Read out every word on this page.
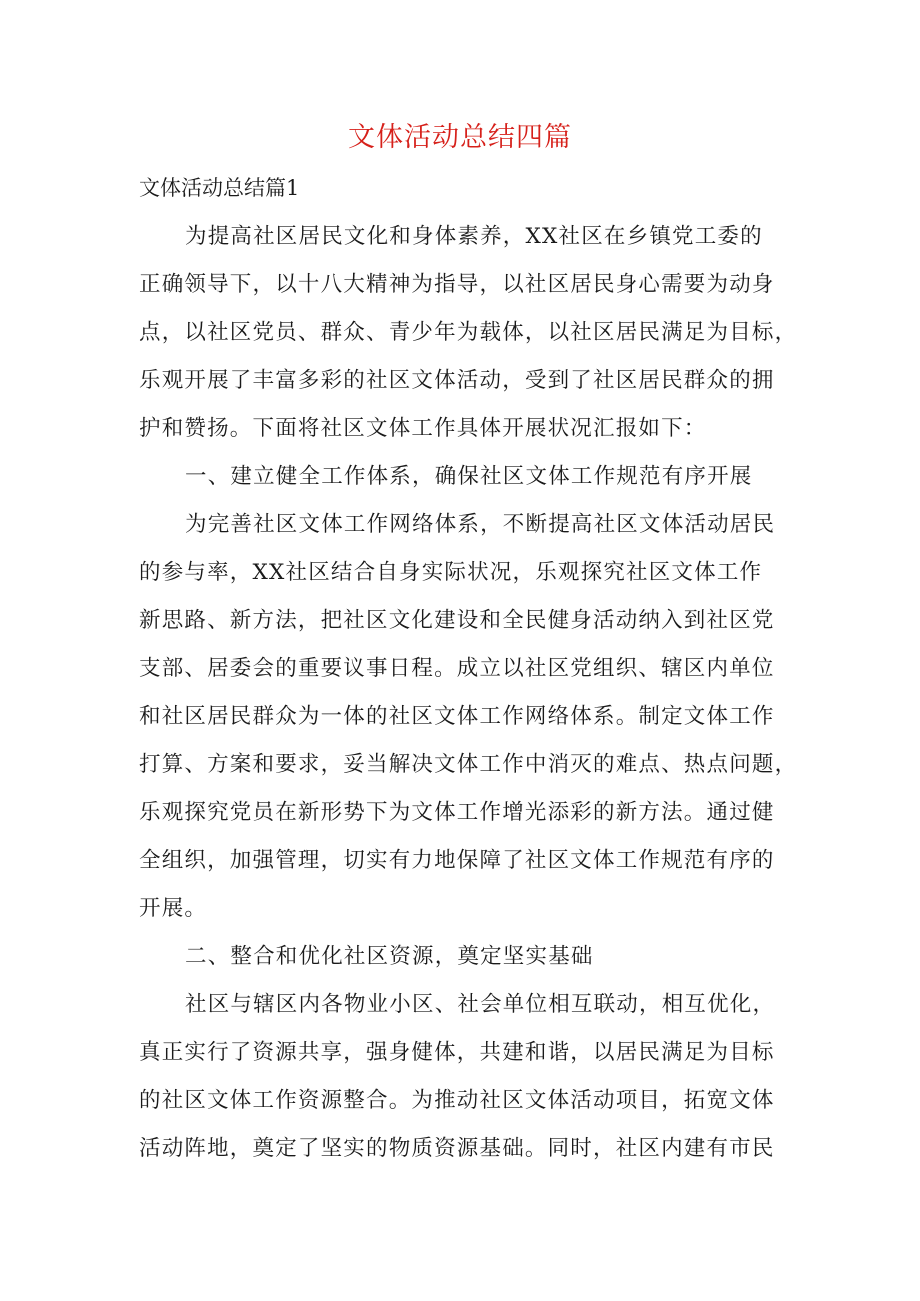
文体活动总结四篇

文体活动总结篇1

为提高社区居民文化和身体素养，XX社区在乡镇党工委的

正确领导下，以十八大精神为指导，以社区居民身心需要为动身

点，以社区党员、群众、青少年为载体，以社区居民满足为目标，

乐观开展了丰富多彩的社区文体活动，受到了社区居民群众的拥

护和赞扬。下面将社区文体工作具体开展状况汇报如下：

一、建立健全工作体系，确保社区文体工作规范有序开展

为完善社区文体工作网络体系，不断提高社区文体活动居民

的参与率，XX社区结合自身实际状况，乐观探究社区文体工作

新思路、新方法，把社区文化建设和全民健身活动纳入到社区党

支部、居委会的重要议事日程。成立以社区党组织、辖区内单位

和社区居民群众为一体的社区文体工作网络体系。制定文体工作

打算、方案和要求，妥当解决文体工作中消灭的难点、热点问题，

乐观探究党员在新形势下为文体工作增光添彩的新方法。通过健

全组织，加强管理，切实有力地保障了社区文体工作规范有序的

开展。

二、整合和优化社区资源，奠定坚实基础

社区与辖区内各物业小区、社会单位相互联动，相互优化，

真正实行了资源共享，强身健体，共建和谐，以居民满足为目标

的社区文体工作资源整合。为推动社区文体活动项目，拓宽文体

活动阵地，奠定了坚实的物质资源基础。同时，社区内建有市民
